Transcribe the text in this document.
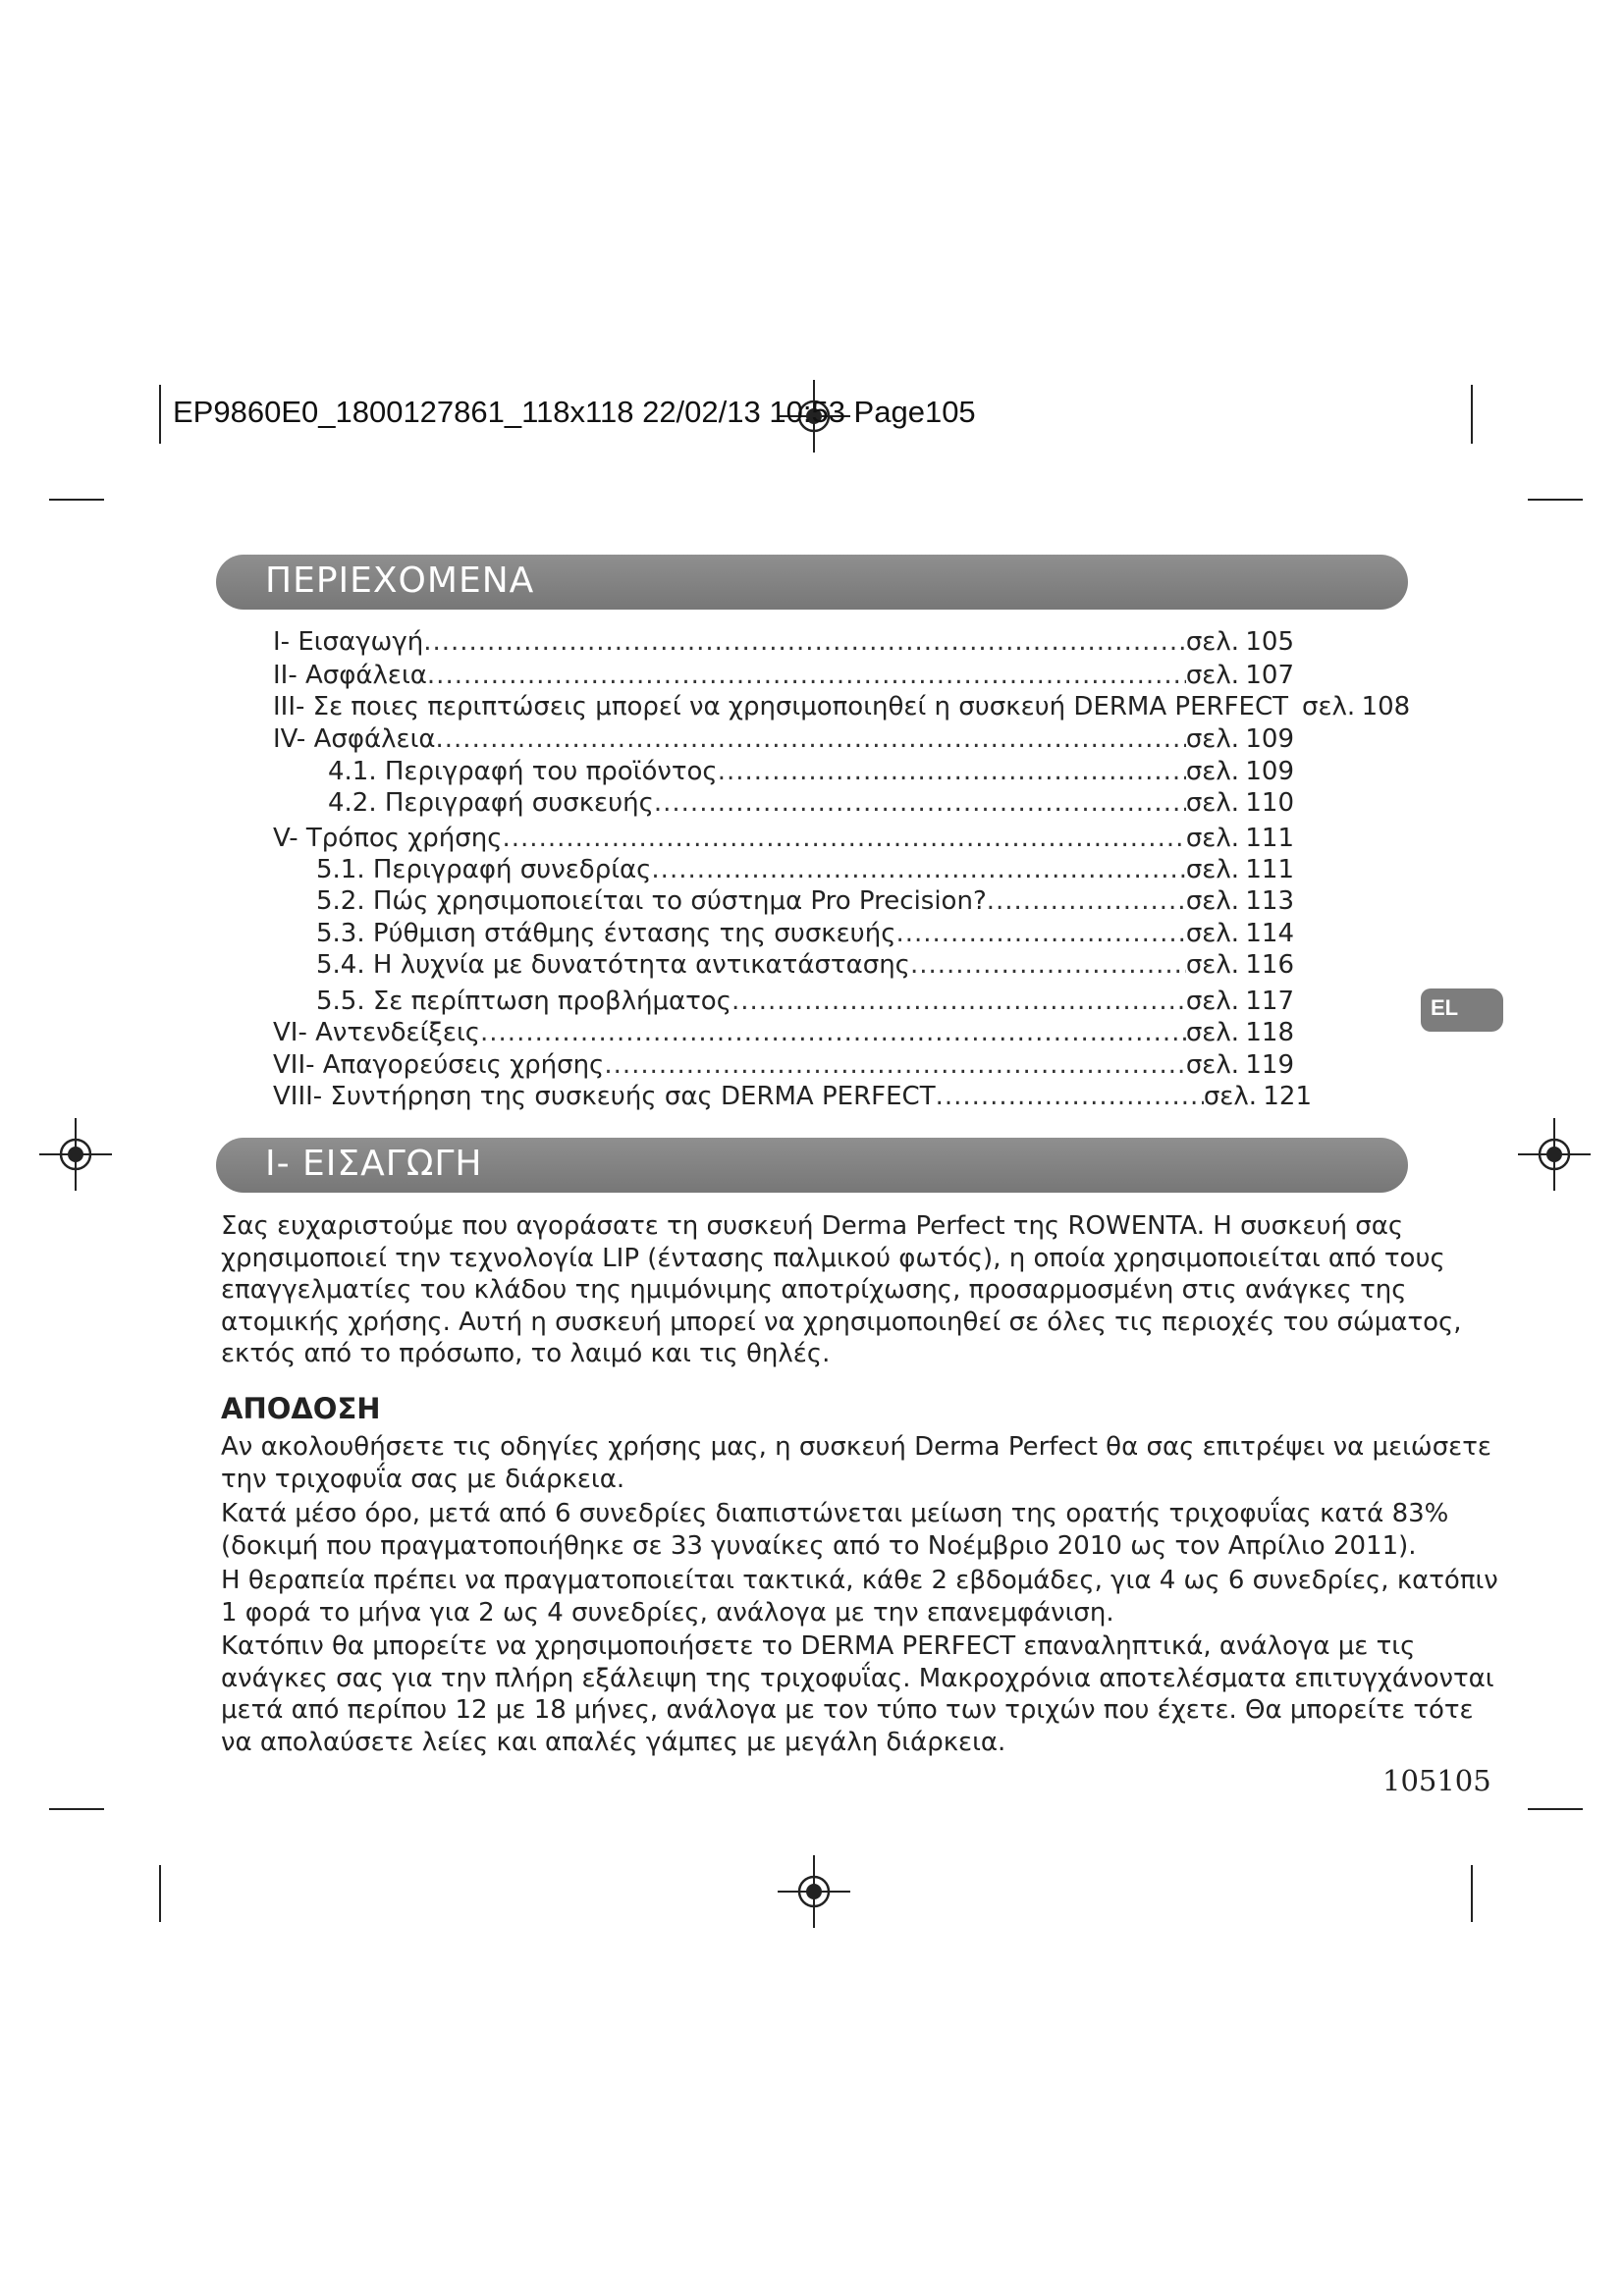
EP9860E0_1800127861_118x118 22/02/13 10:53 Page105
ΠΕΡΙΕΧΟΜΕΝΑ
I- Εισαγωγή .....	σελ. 105
II- Ασφάλεια .....	σελ. 107
III- Σε ποιες περιπτώσεις μπορεί να χρησιμοποιηθεί η συσκευή DERMA PERFECT σελ. 108
IV- Ασφάλεια .....	σελ. 109
4.1. Περιγραφή του προϊόντος .....	σελ. 109
4.2. Περιγραφή συσκευής .....	σελ. 110
V- Τρόπος χρήσης .....	σελ. 111
5.1. Περιγραφή συνεδρίας .....	σελ. 111
5.2. Πώς χρησιμοποιείται το σύστημα Pro Precision? .....	σελ. 113
5.3. Ρύθμιση στάθμης έντασης της συσκευής .....	σελ. 114
5.4. Η λυχνία με δυνατότητα αντικατάστασης .....	σελ. 116
5.5. Σε περίπτωση προβλήματος .....	σελ. 117
VI- Αντενδείξεις .....	σελ. 118
VII- Απαγορεύσεις χρήσης .....	σελ. 119
VIII- Συντήρηση της συσκευής σας DERMA PERFECT .....	σελ. 121
EL
I- ΕΙΣΑΓΩΓΗ
Σας ευχαριστούμε που αγοράσατε τη συσκευή Derma Perfect της ROWENTA. Η συσκευή σας χρησιμοποιεί την τεχνολογία LIP (έντασης παλμικού φωτός), η οποία χρησιμοποιείται από τους επαγγελματίες του κλάδου της ημιμόνιμης αποτρίχωσης, προσαρμοσμένη στις ανάγκες της ατομικής χρήσης. Αυτή η συσκευή μπορεί να χρησιμοποιηθεί σε όλες τις περιοχές του σώματος, εκτός από το πρόσωπο, το λαιμό και τις θηλές.
ΑΠΟΔΟΣΗ
Αν ακολουθήσετε τις οδηγίες χρήσης μας, η συσκευή Derma Perfect θα σας επιτρέψει να μειώσετε την τριχοφυΐα σας με διάρκεια.
Κατά μέσο όρο, μετά από 6 συνεδρίες διαπιστώνεται μείωση της ορατής τριχοφυΐας κατά 83% (δοκιμή που πραγματοποιήθηκε σε 33 γυναίκες από το Νοέμβριο 2010 ως τον Απρίλιο 2011).
Η θεραπεία πρέπει να πραγματοποιείται τακτικά, κάθε 2 εβδομάδες, για 4 ως 6 συνεδρίες, κατόπιν 1 φορά το μήνα για 2 ως 4 συνεδρίες, ανάλογα με την επανεμφάνιση.
Κατόπιν θα μπορείτε να χρησιμοποιήσετε το DERMA PERFECT επαναληπτικά, ανάλογα με τις ανάγκες σας για την πλήρη εξάλειψη της τριχοφυΐας. Μακροχρόνια αποτελέσματα επιτυγχάνονται μετά από περίπου 12 με 18 μήνες, ανάλογα με τον τύπο των τριχών που έχετε. Θα μπορείτε τότε να απολαύσετε λείες και απαλές γάμπες με μεγάλη διάρκεια.
105105
